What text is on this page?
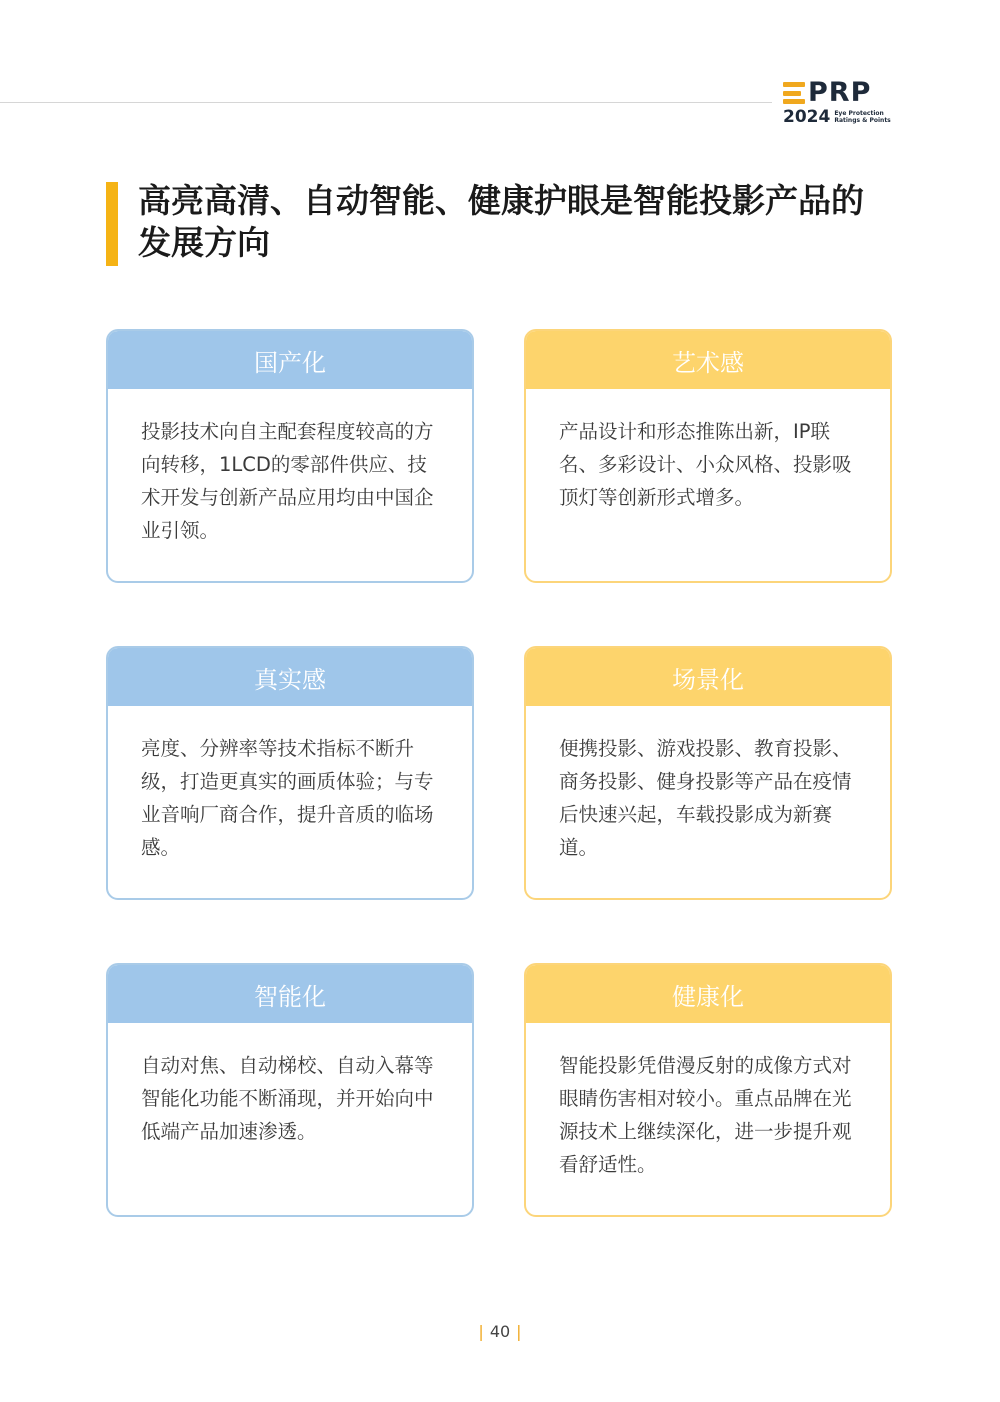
PRP
2024 Eye Protection
Ratings & Points
高亮高清、自动智能、健康护眼是智能投影产品的发展方向
国产化
投影技术向自主配套程度较高的方向转移，1LCD的零部件供应、技术开发与创新产品应用均由中国企业引领。
艺术感
产品设计和形态推陈出新，IP联名、多彩设计、小众风格、投影吸顶灯等创新形式增多。
真实感
亮度、分辨率等技术指标不断升级，打造更真实的画质体验；与专业音响厂商合作，提升音质的临场感。
场景化
便携投影、游戏投影、教育投影、商务投影、健身投影等产品在疫情后快速兴起，车载投影成为新赛道。
智能化
自动对焦、自动梯校、自动入幕等智能化功能不断涌现，并开始向中低端产品加速渗透。
健康化
智能投影凭借漫反射的成像方式对眼睛伤害相对较小。重点品牌在光源技术上继续深化，进一步提升观看舒适性。
| 40 |
